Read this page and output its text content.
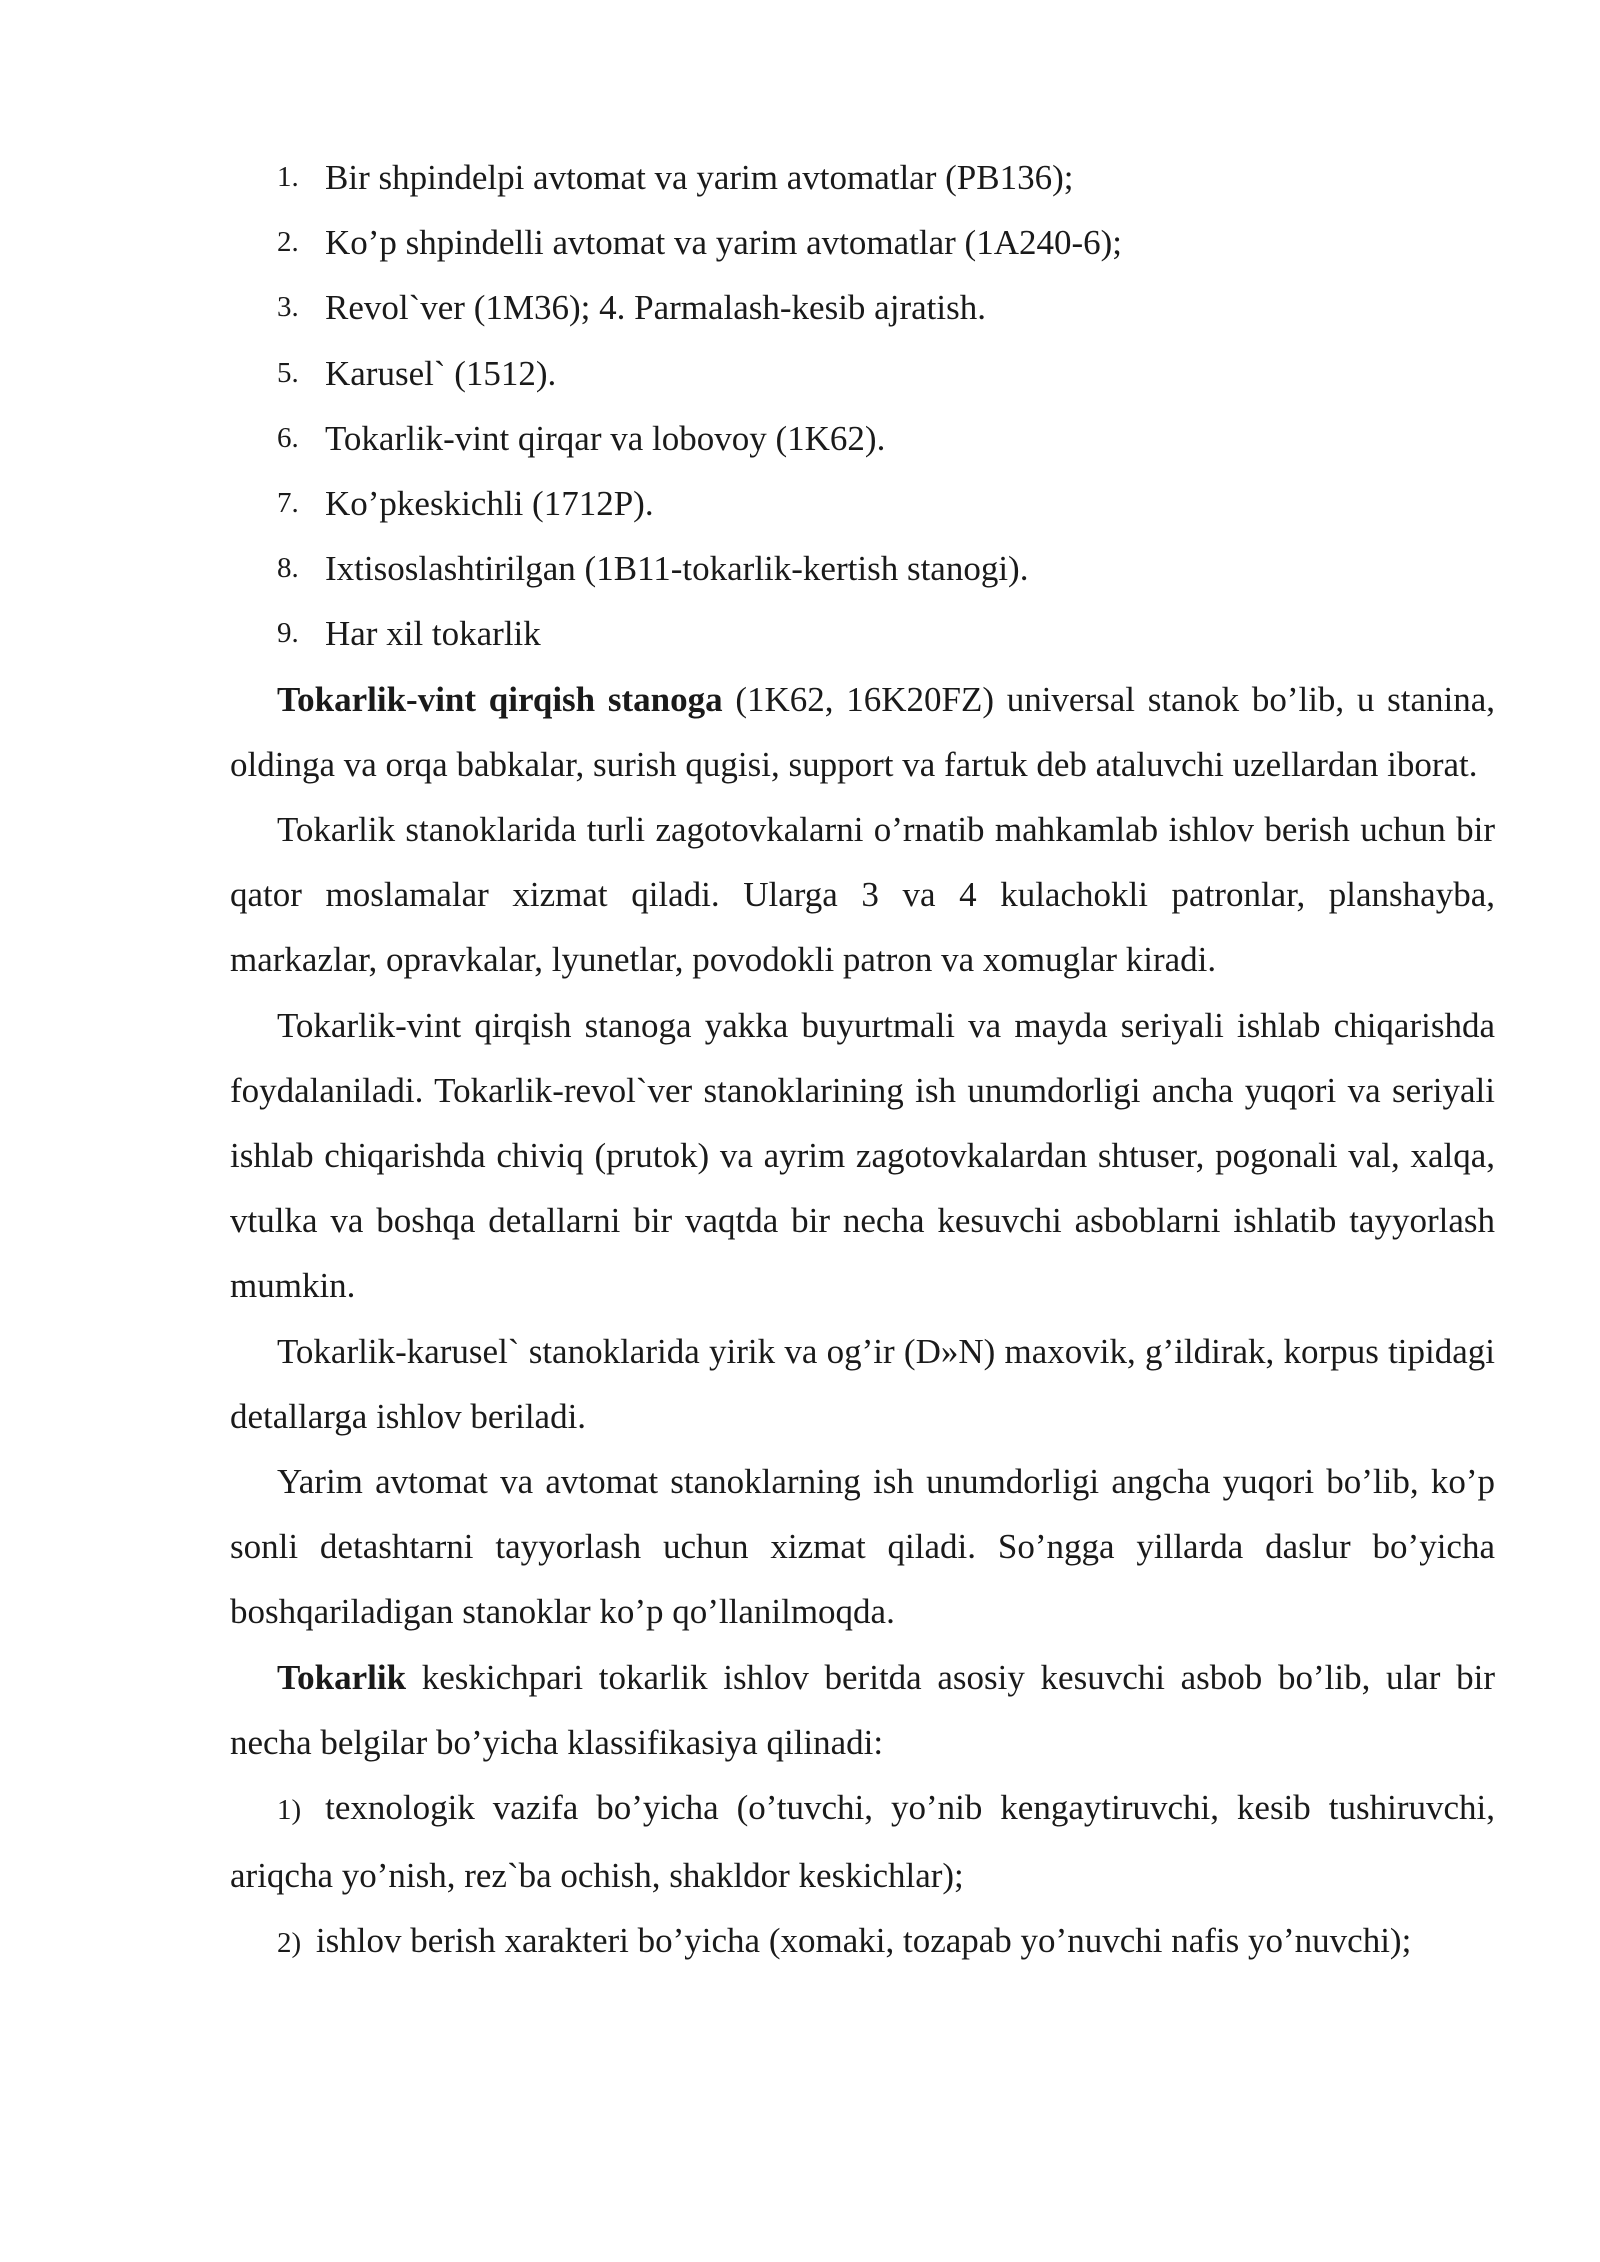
1. Bir shpindelpi avtomat va yarim avtomatlar (PB136);
2. Ko’p shpindelli avtomat va yarim avtomatlar (1A240-6);
3. Revol`ver (1M36); 4. Parmalash-kesib ajratish.
5. Karusel` (1512).
6. Tokarlik-vint qirqar va lobovoy (1K62).
7. Ko’pkeskichli (1712P).
8. Ixtisoslashtirilgan (1B11-tokarlik-kertish stanogi).
9. Har xil tokarlik

Tokarlik-vint qirqish stanoga (1K62, 16K20FZ) universal stanok bo’lib, u stanina, oldinga va orqa babkalar, surish qugisi, support va fartuk deb ataluvchi uzellardan iborat.

Tokarlik stanoklarida turli zagotovkalarni o’rnatib mahkamlab ishlov berish uchun bir qator moslamalar xizmat qiladi. Ularga 3 va 4 kulachokli patronlar, planshayba, markazlar, opravkalar, lyunetlar, povodokli patron va xomuglar kiradi.

Tokarlik-vint qirqish stanoga yakka buyurtmali va mayda seriyali ishlab chiqarishda foydalaniladi. Tokarlik-revol`ver stanoklarining ish unumdorligi ancha yuqori va seriyali ishlab chiqarishda chiviq (prutok) va ayrim zagotovkalardan shtuser, pogonali val, xalqa, vtulka va boshqa detallarni bir vaqtda bir necha kesuvchi asboblarni ishlatib tayyorlash mumkin.

Tokarlik-karusel` stanoklarida yirik va og’ir (D»N) maxovik, g’ildirak, korpus tipidagi detallarga ishlov beriladi.

Yarim avtomat va avtomat stanoklarning ish unumdorligi angcha yuqori bo’lib, ko’p sonli detashtarni tayyorlash uchun xizmat qiladi. So’ngga yillarda daslur bo’yicha boshqariladigan stanoklar ko’p qo’llanilmoqda.

Tokarlik keskichpari tokarlik ishlov beritda asosiy kesuvchi asbob bo’lib, ular bir necha belgilar bo’yicha klassifikasiya qilinadi:

1) texnologik vazifa bo’yicha (o’tuvchi, yo’nib kengaytiruvchi, kesib tushiruvchi, ariqcha yo’nish, rez`ba ochish, shakldor keskichlar);

2) ishlov berish xarakteri bo’yicha (xomaki, tozapab yo’nuvchi nafis yo’nuvchi);
